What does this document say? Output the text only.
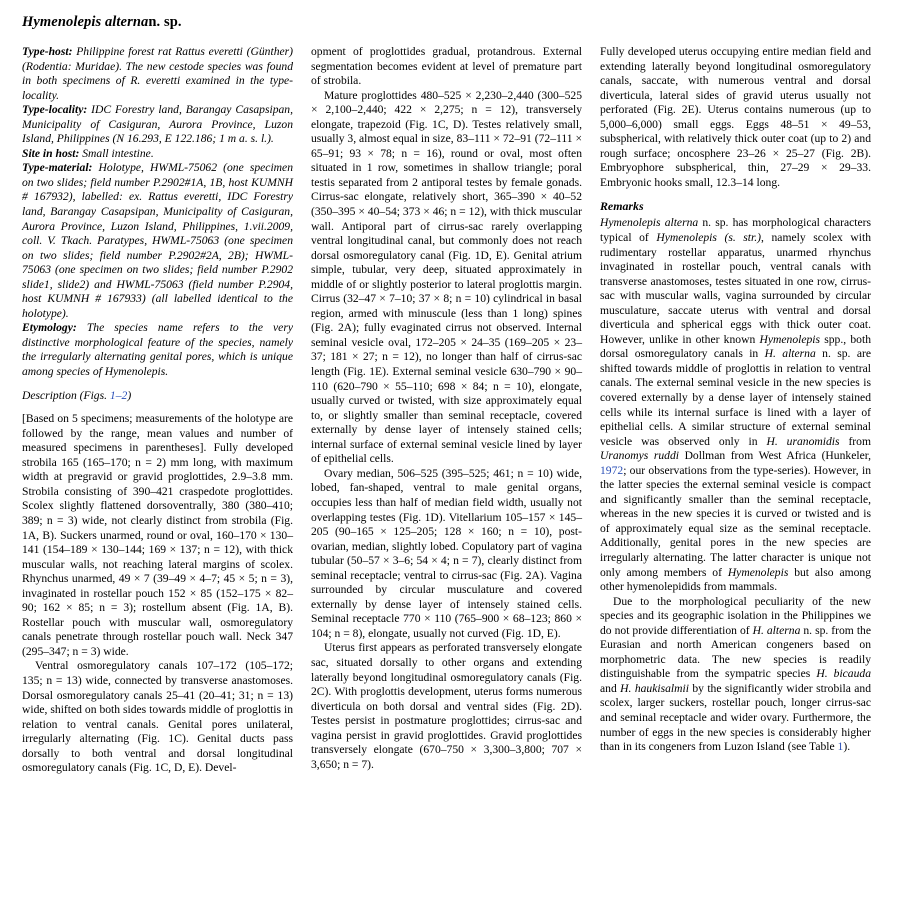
Hymenolepis alternan. sp.

Type-host: Philippine forest rat Rattus everetti (Günther) (Rodentia: Muridae). The new cestode species was found in both specimens of R. everetti examined in the type-locality.

Type-locality: IDC Forestry land, Barangay Casapsipan, Municipality of Casiguran, Aurora Province, Luzon Island, Philippines (N 16.293, E 122.186; 1 m a. s. l.).

Site in host: Small intestine.

Type-material: Holotype, HWML-75062 (one specimen on two slides; field number P.2902#1A, 1B, host KUMNH # 167932), labelled: ex. Rattus everetti, IDC Forestry land, Barangay Casapsipan, Municipality of Casiguran, Aurora Province, Luzon Island, Philippines, 1.vii.2009, coll. V. Tkach. Paratypes, HWML-75063 (one specimen on two slides; field number P.2902#2A, 2B); HWML-75063 (one specimen on two slides; field number P.2902 slide1, slide2) and HWML-75063 (field number P.2904, host KUMNH # 167933) (all labelled identical to the holotype).

Etymology: The species name refers to the very distinctive morphological feature of the species, namely the irregularly alternating genital pores, which is unique among species of Hymenolepis.

Description (Figs. 1–2)

[Based on 5 specimens; measurements of the holotype are followed by the range, mean values and number of measured specimens in parentheses]. Fully developed strobila 165 (165–170; n = 2) mm long, with maximum width at pregravid or gravid proglottides, 2.9–3.8 mm. Strobila consisting of 390–421 craspedote proglottides. Scolex slightly flattened dorsoventrally, 380 (380–410; 389; n = 3) wide, not clearly distinct from strobila (Fig. 1A, B). Suckers unarmed, round or oval, 160–170 × 130–141 (154–189 × 130–144; 169 × 137; n = 12), with thick muscular walls, not reaching lateral margins of scolex. Rhynchus unarmed, 49 × 7 (39–49 × 4–7; 45 × 5; n = 3), invaginated in rostellar pouch 152 × 85 (152–175 × 82–90; 162 × 85; n = 3); rostellum absent (Fig. 1A, B). Rostellar pouch with muscular wall, osmoregulatory canals penetrate through rostellar pouch wall. Neck 347 (295–347; n = 3) wide.

Ventral osmoregulatory canals 107–172 (105–172; 135; n = 13) wide, connected by transverse anastomoses. Dorsal osmoregulatory canals 25–41 (20–41; 31; n = 13) wide, shifted on both sides towards middle of proglottis in relation to ventral canals. Genital pores unilateral, irregularly alternating (Fig. 1C). Genital ducts pass dorsally to both ventral and dorsal longitudinal osmoregulatory canals (Fig. 1C, D, E). Devel-

opment of proglottides gradual, protandrous. External segmentation becomes evident at level of premature part of strobila.

Mature proglottides 480–525 × 2,230–2,440 (300–525 × 2,100–2,440; 422 × 2,275; n = 12), transversely elongate, trapezoid (Fig. 1C, D). Testes relatively small, usually 3, almost equal in size, 83–111 × 72–91 (72–111 × 65–91; 93 × 78; n = 16), round or oval, most often situated in 1 row, sometimes in shallow triangle; poral testis separated from 2 antiporal testes by female gonads. Cirrus-sac elongate, relatively short, 365–390 × 40–52 (350–395 × 40–54; 373 × 46; n = 12), with thick muscular wall. Antiporal part of cirrus-sac rarely overlapping ventral longitudinal canal, but commonly does not reach dorsal osmoregulatory canal (Fig. 1D, E). Genital atrium simple, tubular, very deep, situated approximately in middle of or slightly posterior to lateral proglottis margin. Cirrus (32–47 × 7–10; 37 × 8; n = 10) cylindrical in basal region, armed with minuscule (less than 1 long) spines (Fig. 2A); fully evaginated cirrus not observed. Internal seminal vesicle oval, 172–205 × 24–35 (169–205 × 23–37; 181 × 27; n = 12), no longer than half of cirrus-sac length (Fig. 1E). External seminal vesicle 630–790 × 90–110 (620–790 × 55–110; 698 × 84; n = 10), elongate, usually curved or twisted, with size approximately equal to, or slightly smaller than seminal receptacle, covered externally by dense layer of intensely stained cells; internal surface of external seminal vesicle lined by layer of epithelial cells.

Ovary median, 506–525 (395–525; 461; n = 10) wide, lobed, fan-shaped, ventral to male genital organs, occupies less than half of median field width, usually not overlapping testes (Fig. 1D). Vitellarium 105–157 × 145–205 (90–165 × 125–205; 128 × 160; n = 10), post-ovarian, median, slightly lobed. Copulatory part of vagina tubular (50–57 × 3–6; 54 × 4; n = 7), clearly distinct from seminal receptacle; ventral to cirrus-sac (Fig. 2A). Vagina surrounded by circular musculature and covered externally by dense layer of intensely stained cells. Seminal receptacle 770 × 110 (765–900 × 68–123; 860 × 104; n = 8), elongate, usually not curved (Fig. 1D, E).

Uterus first appears as perforated transversely elongate sac, situated dorsally to other organs and extending laterally beyond longitudinal osmoregulatory canals (Fig. 2C). With proglottis development, uterus forms numerous diverticula on both dorsal and ventral sides (Fig. 2D). Testes persist in postmature proglottides; cirrus-sac and vagina persist in gravid proglottides. Gravid proglottides transversely elongate (670–750 × 3,300–3,800; 707 × 3,650; n = 7).

Fully developed uterus occupying entire median field and extending laterally beyond longitudinal osmoregulatory canals, saccate, with numerous ventral and dorsal diverticula, lateral sides of gravid uterus usually not perforated (Fig. 2E). Uterus contains numerous (up to 5,000–6,000) small eggs. Eggs 48–51 × 49–53, subspherical, with relatively thick outer coat (up to 2) and rough surface; oncosphere 23–26 × 25–27 (Fig. 2B). Embryophore subspherical, thin, 27–29 × 29–33. Embryonic hooks small, 12.3–14 long.

Remarks

Hymenolepis alterna n. sp. has morphological characters typical of Hymenolepis (s. str.), namely scolex with rudimentary rostellar apparatus, unarmed rhynchus invaginated in rostellar pouch, ventral canals with transverse anastomoses, testes situated in one row, cirrus-sac with muscular walls, vagina surrounded by circular musculature, saccate uterus with ventral and dorsal diverticula and spherical eggs with thick outer coat. However, unlike in other known Hymenolepis spp., both dorsal osmoregulatory canals in H. alterna n. sp. are shifted towards middle of proglottis in relation to ventral canals. The external seminal vesicle in the new species is covered externally by a dense layer of intensely stained cells while its internal surface is lined with a layer of epithelial cells. A similar structure of external seminal vesicle was observed only in H. uranomidis from Uranomys ruddi Dollman from West Africa (Hunkeler, 1972; our observations from the type-series). However, in the latter species the external seminal vesicle is compact and significantly smaller than the seminal receptacle, whereas in the new species it is curved or twisted and is of approximately equal size as the seminal receptacle. Additionally, genital pores in the new species are irregularly alternating. The latter character is unique not only among members of Hymenolepis but also among other hymenolepidids from mammals.

Due to the morphological peculiarity of the new species and its geographic isolation in the Philippines we do not provide differentiation of H. alterna n. sp. from the Eurasian and north American congeners based on morphometric data. The new species is readily distinguishable from the sympatric species H. bicauda and H. haukisalmii by the significantly wider strobila and scolex, larger suckers, rostellar pouch, longer cirrus-sac and seminal receptacle and wider ovary. Furthermore, the number of eggs in the new species is considerably higher than in its congeners from Luzon Island (see Table 1).
